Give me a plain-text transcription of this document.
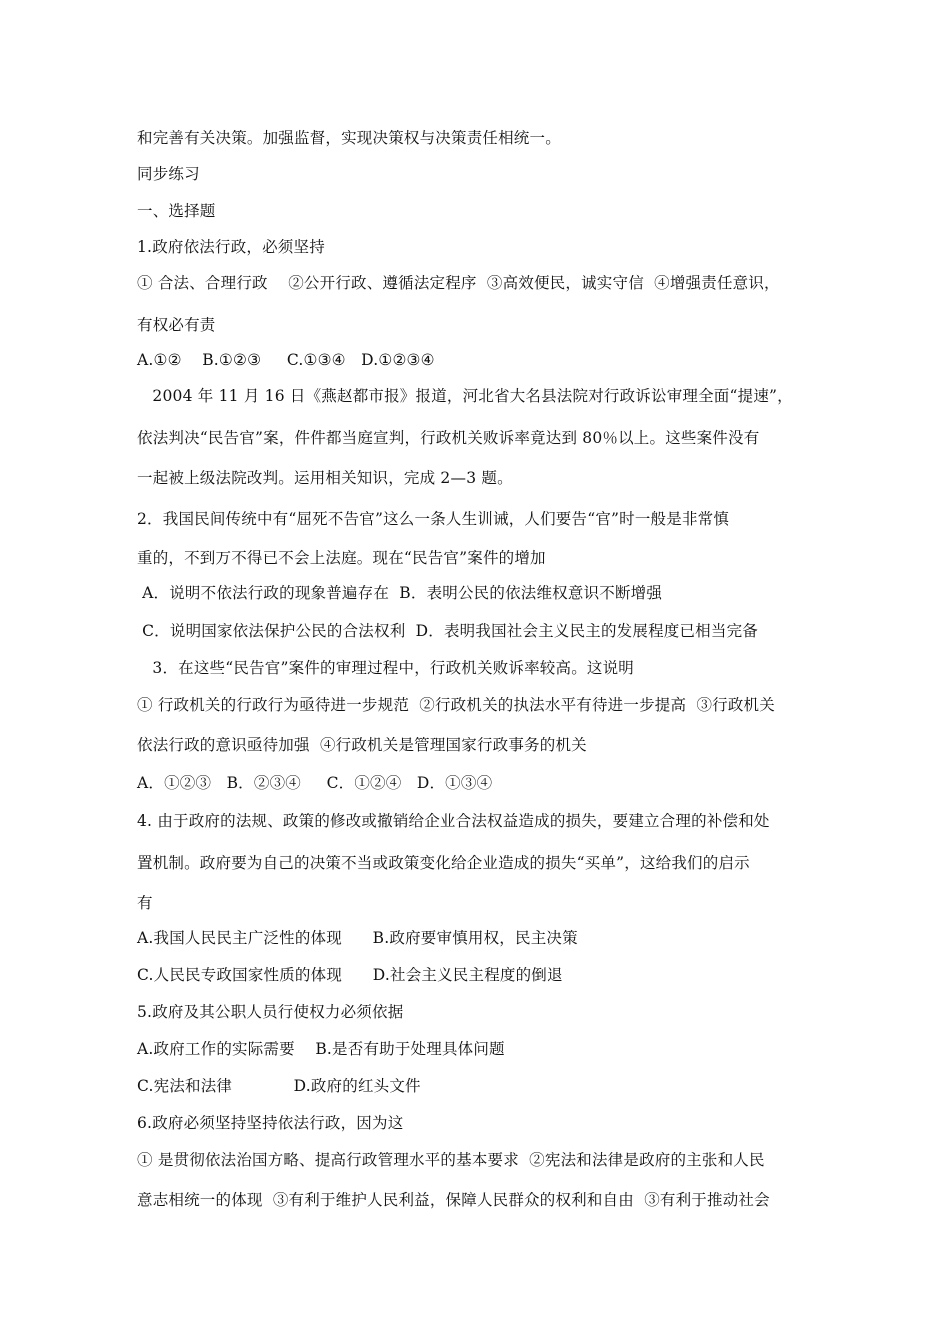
和完善有关决策。加强监督，实现决策权与决策责任相统一。
同步练习
一、选择题
1.政府依法行政，必须坚持
① 合法、合理行政    ②公开行政、遵循法定程序  ③高效便民，诚实守信  ④增强责任意识，
有权必有责
A.①②    B.①②③     C.①③④   D.①②③④
2004 年 11 月 16 日《燕赵都市报》报道，河北省大名县法院对行政诉讼审理全面“提速”，
依法判决“民告官”案，件件都当庭宣判，行政机关败诉率竟达到 80％以上。这些案件没有
一起被上级法院改判。运用相关知识，完成 2—3 题。
2．我国民间传统中有“屈死不告官”这么一条人生训诫，人们要告“官”时一般是非常慎
重的，不到万不得已不会上法庭。现在“民告官”案件的增加
A．说明不依法行政的现象普遍存在  B．表明公民的依法维权意识不断增强
C．说明国家依法保护公民的合法权利  D．表明我国社会主义民主的发展程度已相当完备
3．在这些“民告官”案件的审理过程中，行政机关败诉率较高。这说明
① 行政机关的行政行为亟待进一步规范  ②行政机关的执法水平有待进一步提高  ③行政机关
依法行政的意识亟待加强  ④行政机关是管理国家行政事务的机关
A．①②③   B．②③④     C．①②④   D．①③④
4. 由于政府的法规、政策的修改或撤销给企业合法权益造成的损失，要建立合理的补偿和处
置机制。政府要为自己的决策不当或政策变化给企业造成的损失“买单”，这给我们的启示
有
A.我国人民民主广泛性的体现      B.政府要审慎用权，民主决策
C.人民民专政国家性质的体现      D.社会主义民主程度的倒退
5.政府及其公职人员行使权力必须依据
A.政府工作的实际需要    B.是否有助于处理具体问题
C.宪法和法律            D.政府的红头文件
6.政府必须坚持坚持依法行政，因为这
① 是贯彻依法治国方略、提高行政管理水平的基本要求  ②宪法和法律是政府的主张和人民
意志相统一的体现  ③有利于维护人民利益，保障人民群众的权利和自由  ③有利于推动社会
